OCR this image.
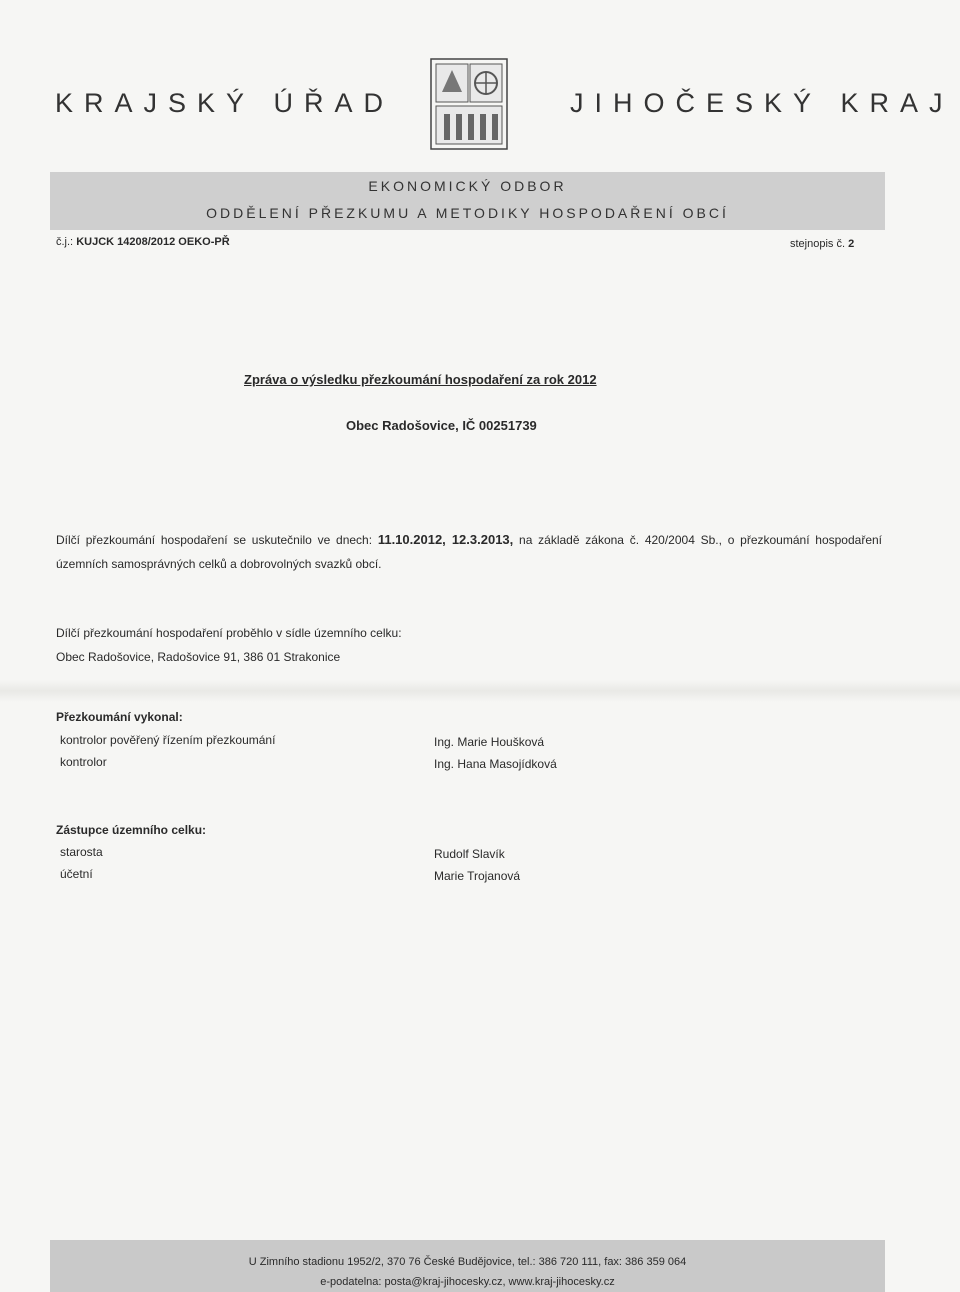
KRAJSKÝ ÚŘAD	JIHOČESKÝ KRAJ
EKONOMICKÝ ODBOR
ODDĚLENÍ PŘEZKUMU A METODIKY HOSPODAŘENÍ OBCÍ
č.j.: KUJCK 14208/2012 OEKO-PŘ	stejnopis č. 2
Zpráva o výsledku přezkoumání hospodaření za rok 2012
Obec Radošovice, IČ 00251739
Dílčí přezkoumání hospodaření se uskutečnilo ve dnech: 11.10.2012, 12.3.2013, na základě zákona č. 420/2004 Sb., o přezkoumání hospodaření územních samosprávných celků a dobrovolných svazků obcí.
Dílčí přezkoumání hospodaření proběhlo v sídle územního celku:
Obec Radošovice, Radošovice 91, 386 01 Strakonice
Přezkoumání vykonal:
kontrolor pověřený řízením přezkoumání	Ing. Marie Houšková
kontrolor	Ing. Hana Masojídková
Zástupce územního celku:
starosta	Rudolf Slavík
účetní	Marie Trojanová
U Zimního stadionu 1952/2, 370 76 České Budějovice, tel.: 386 720 111, fax: 386 359 064
e-podatelna: posta@kraj-jihocesky.cz, www.kraj-jihocesky.cz
